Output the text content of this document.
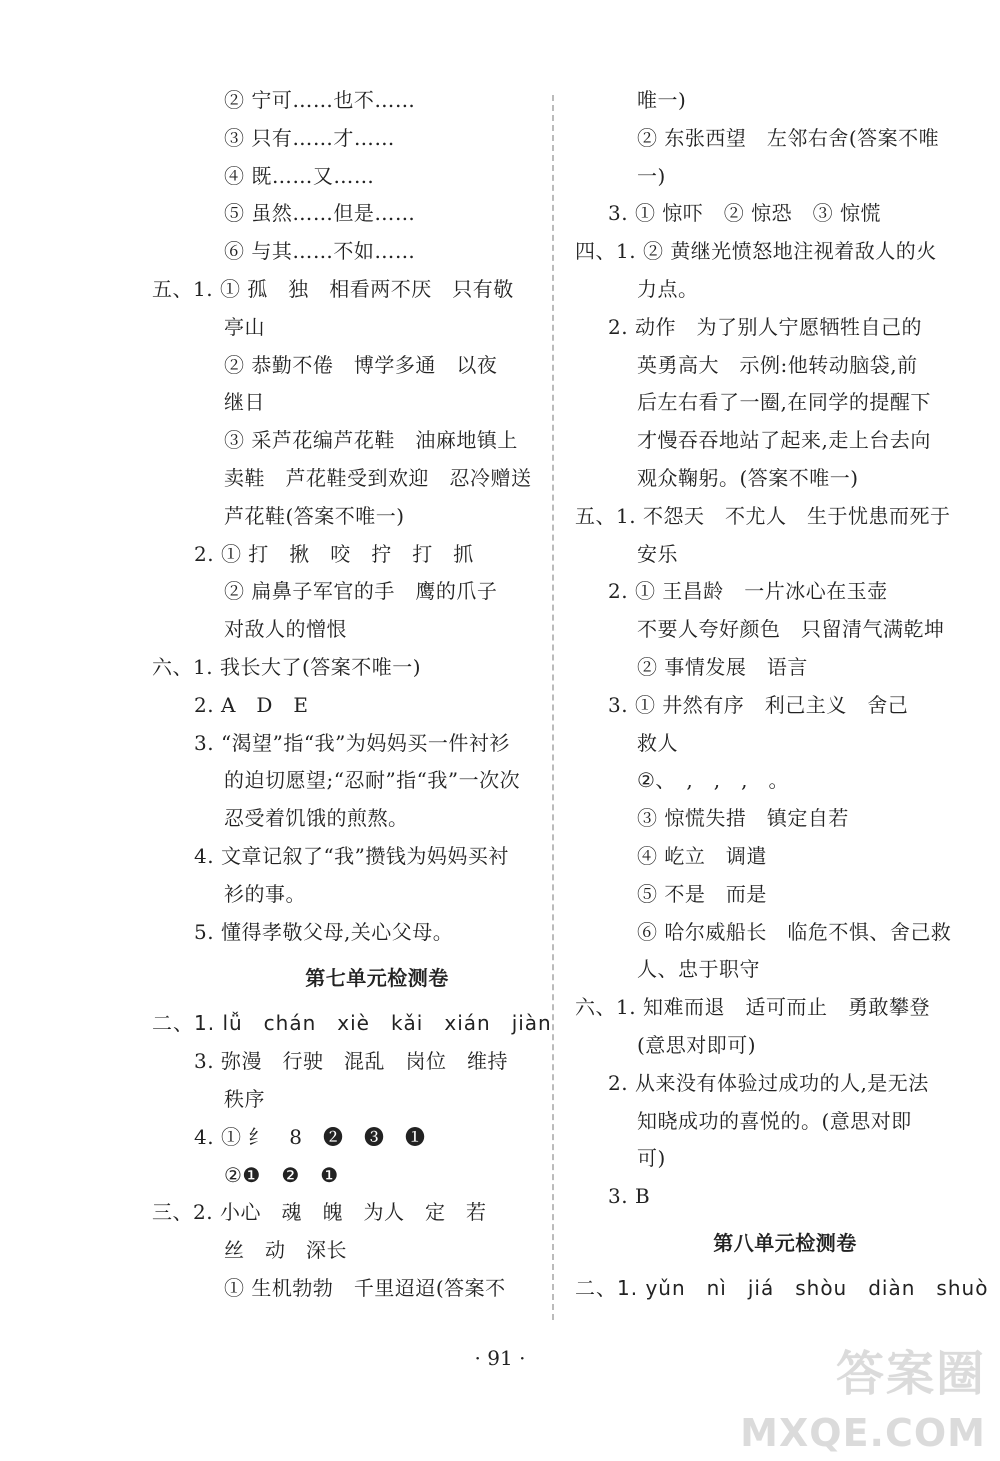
② 宁可……也不……
③ 只有……才……
④ 既……又……
⑤ 虽然……但是……
⑥ 与其……不如……
五、1. ① 孤　独　相看两不厌　只有敬
亭山
② 恭勤不倦　博学多通　以夜
继日
③ 采芦花编芦花鞋　油麻地镇上
卖鞋　芦花鞋受到欢迎　忍冷赠送
芦花鞋(答案不唯一)
2. ① 打　揪　咬　拧　打　抓
② 扁鼻子军官的手　鹰的爪子
对敌人的憎恨
六、1. 我长大了(答案不唯一)
2. A　D　E
3. “渴望”指“我”为妈妈买一件衬衫
的迫切愿望;“忍耐”指“我”一次次
忍受着饥饿的煎熬。
4. 文章记叙了“我”攒钱为妈妈买衬
衫的事。
5. 懂得孝敬父母,关心父母。
第七单元检测卷
二、1. lǚ　chán　xiè　kǎi　xián　jiàn
3. 弥漫　行驶　混乱　岗位　维持
秩序
4. ① 纟　8　❷　❸　❶
②❶　❷　❶
三、2. 小心　魂　魄　为人　定　若
丝　动　深长
① 生机勃勃　千里迢迢(答案不
唯一)
② 东张西望　左邻右舍(答案不唯
一)
3. ① 惊吓　② 惊恐　③ 惊慌
四、1. ② 黄继光愤怒地注视着敌人的火
力点。
2. 动作　为了别人宁愿牺牲自己的
英勇高大　示例:他转动脑袋,前
后左右看了一圈,在同学的提醒下
才慢吞吞地站了起来,走上台去向
观众鞠躬。(答案不唯一)
五、1. 不怨天　不尤人　生于忧患而死于
安乐
2. ① 王昌龄　一片冰心在玉壶
不要人夸好颜色　只留清气满乾坤
② 事情发展　语言
3. ① 井然有序　利己主义　舍己
救人
②、　,　,　,　。
③ 惊慌失措　镇定自若
④ 屹立　调遣
⑤ 不是　而是
⑥ 哈尔威船长　临危不惧、舍己救
人、忠于职守
六、1. 知难而退　适可而止　勇敢攀登
(意思对即可)
2. 从来没有体验过成功的人,是无法
知晓成功的喜悦的。(意思对即
可)
3. B
第八单元检测卷
二、1. yǔn　nì　jiá　shòu　diàn　shuò
· 91 ·	答案圈
MXQE.COM
